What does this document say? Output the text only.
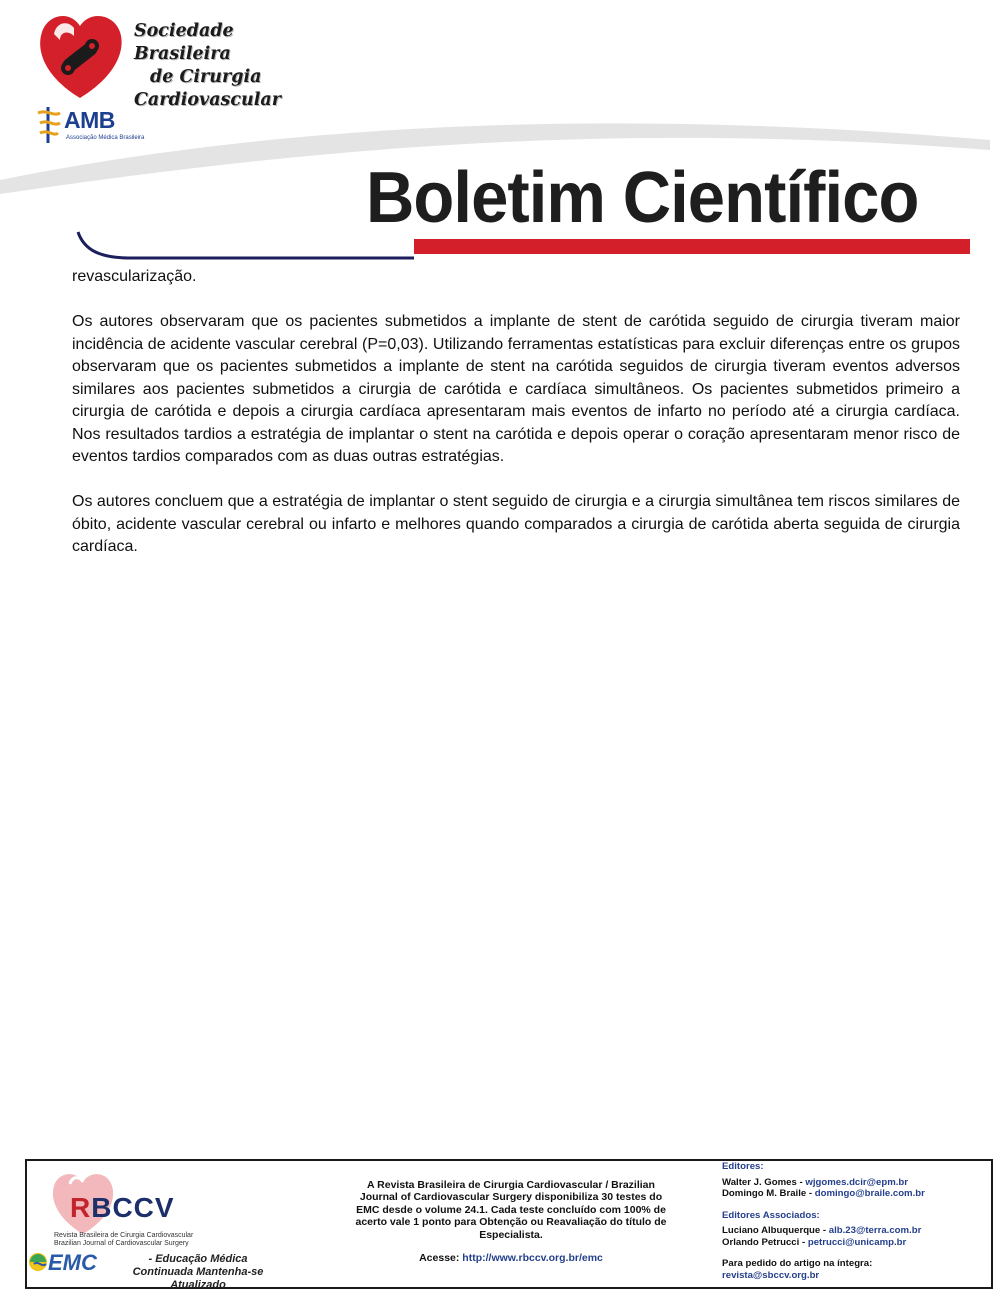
Sociedade Brasileira
de Cirurgia
Cardiovascular
AMB
Associação Médica Brasileira
Boletim Científico

revascularização.

Os autores observaram que os pacientes submetidos a implante de stent de carótida seguido de cirurgia tiveram maior incidência de acidente vascular cerebral (P=0,03). Utilizando ferramentas estatísticas para excluir diferenças entre os grupos observaram que os pacientes submetidos a implante de stent na carótida seguidos de cirurgia tiveram eventos adversos similares aos pacientes submetidos a cirurgia de carótida e cardíaca simultâneos. Os pacientes submetidos primeiro a cirurgia de carótida e depois a cirurgia cardíaca apresentaram mais eventos de infarto no período até a cirurgia cardíaca. Nos resultados tardios a estratégia de implantar o stent na carótida e depois operar o coração apresentaram menor risco de eventos tardios comparados com as duas outras estratégias.

Os autores concluem que a estratégia de implantar o stent seguido de cirurgia e a cirurgia simultânea tem riscos similares de óbito, acidente vascular cerebral ou infarto e melhores quando comparados a cirurgia de carótida aberta seguida de cirurgia cardíaca.

RBCCV
Revista Brasileira de Cirurgia Cardiovascular Brazilian Journal of Cardiovascular Surgery
EMC	- Educação Médica Continuada Mantenha-se Atualizado
A Revista Brasileira de Cirurgia Cardiovascular / Brazilian Journal of Cardiovascular Surgery disponibiliza 30 testes do EMC desde o volume 24.1. Cada teste concluído com 100% de acerto vale 1 ponto para Obtenção ou Reavaliação do título de Especialista.
Acesse: http://www.rbccv.org.br/emc
Editores:
Walter J. Gomes - wjgomes.dcir@epm.br
Domingo M. Braile - domingo@braile.com.br
Editores Associados:
Luciano Albuquerque - alb.23@terra.com.br
Orlando Petrucci - petrucci@unicamp.br
Para pedido do artigo na íntegra:
revista@sbccv.org.br
